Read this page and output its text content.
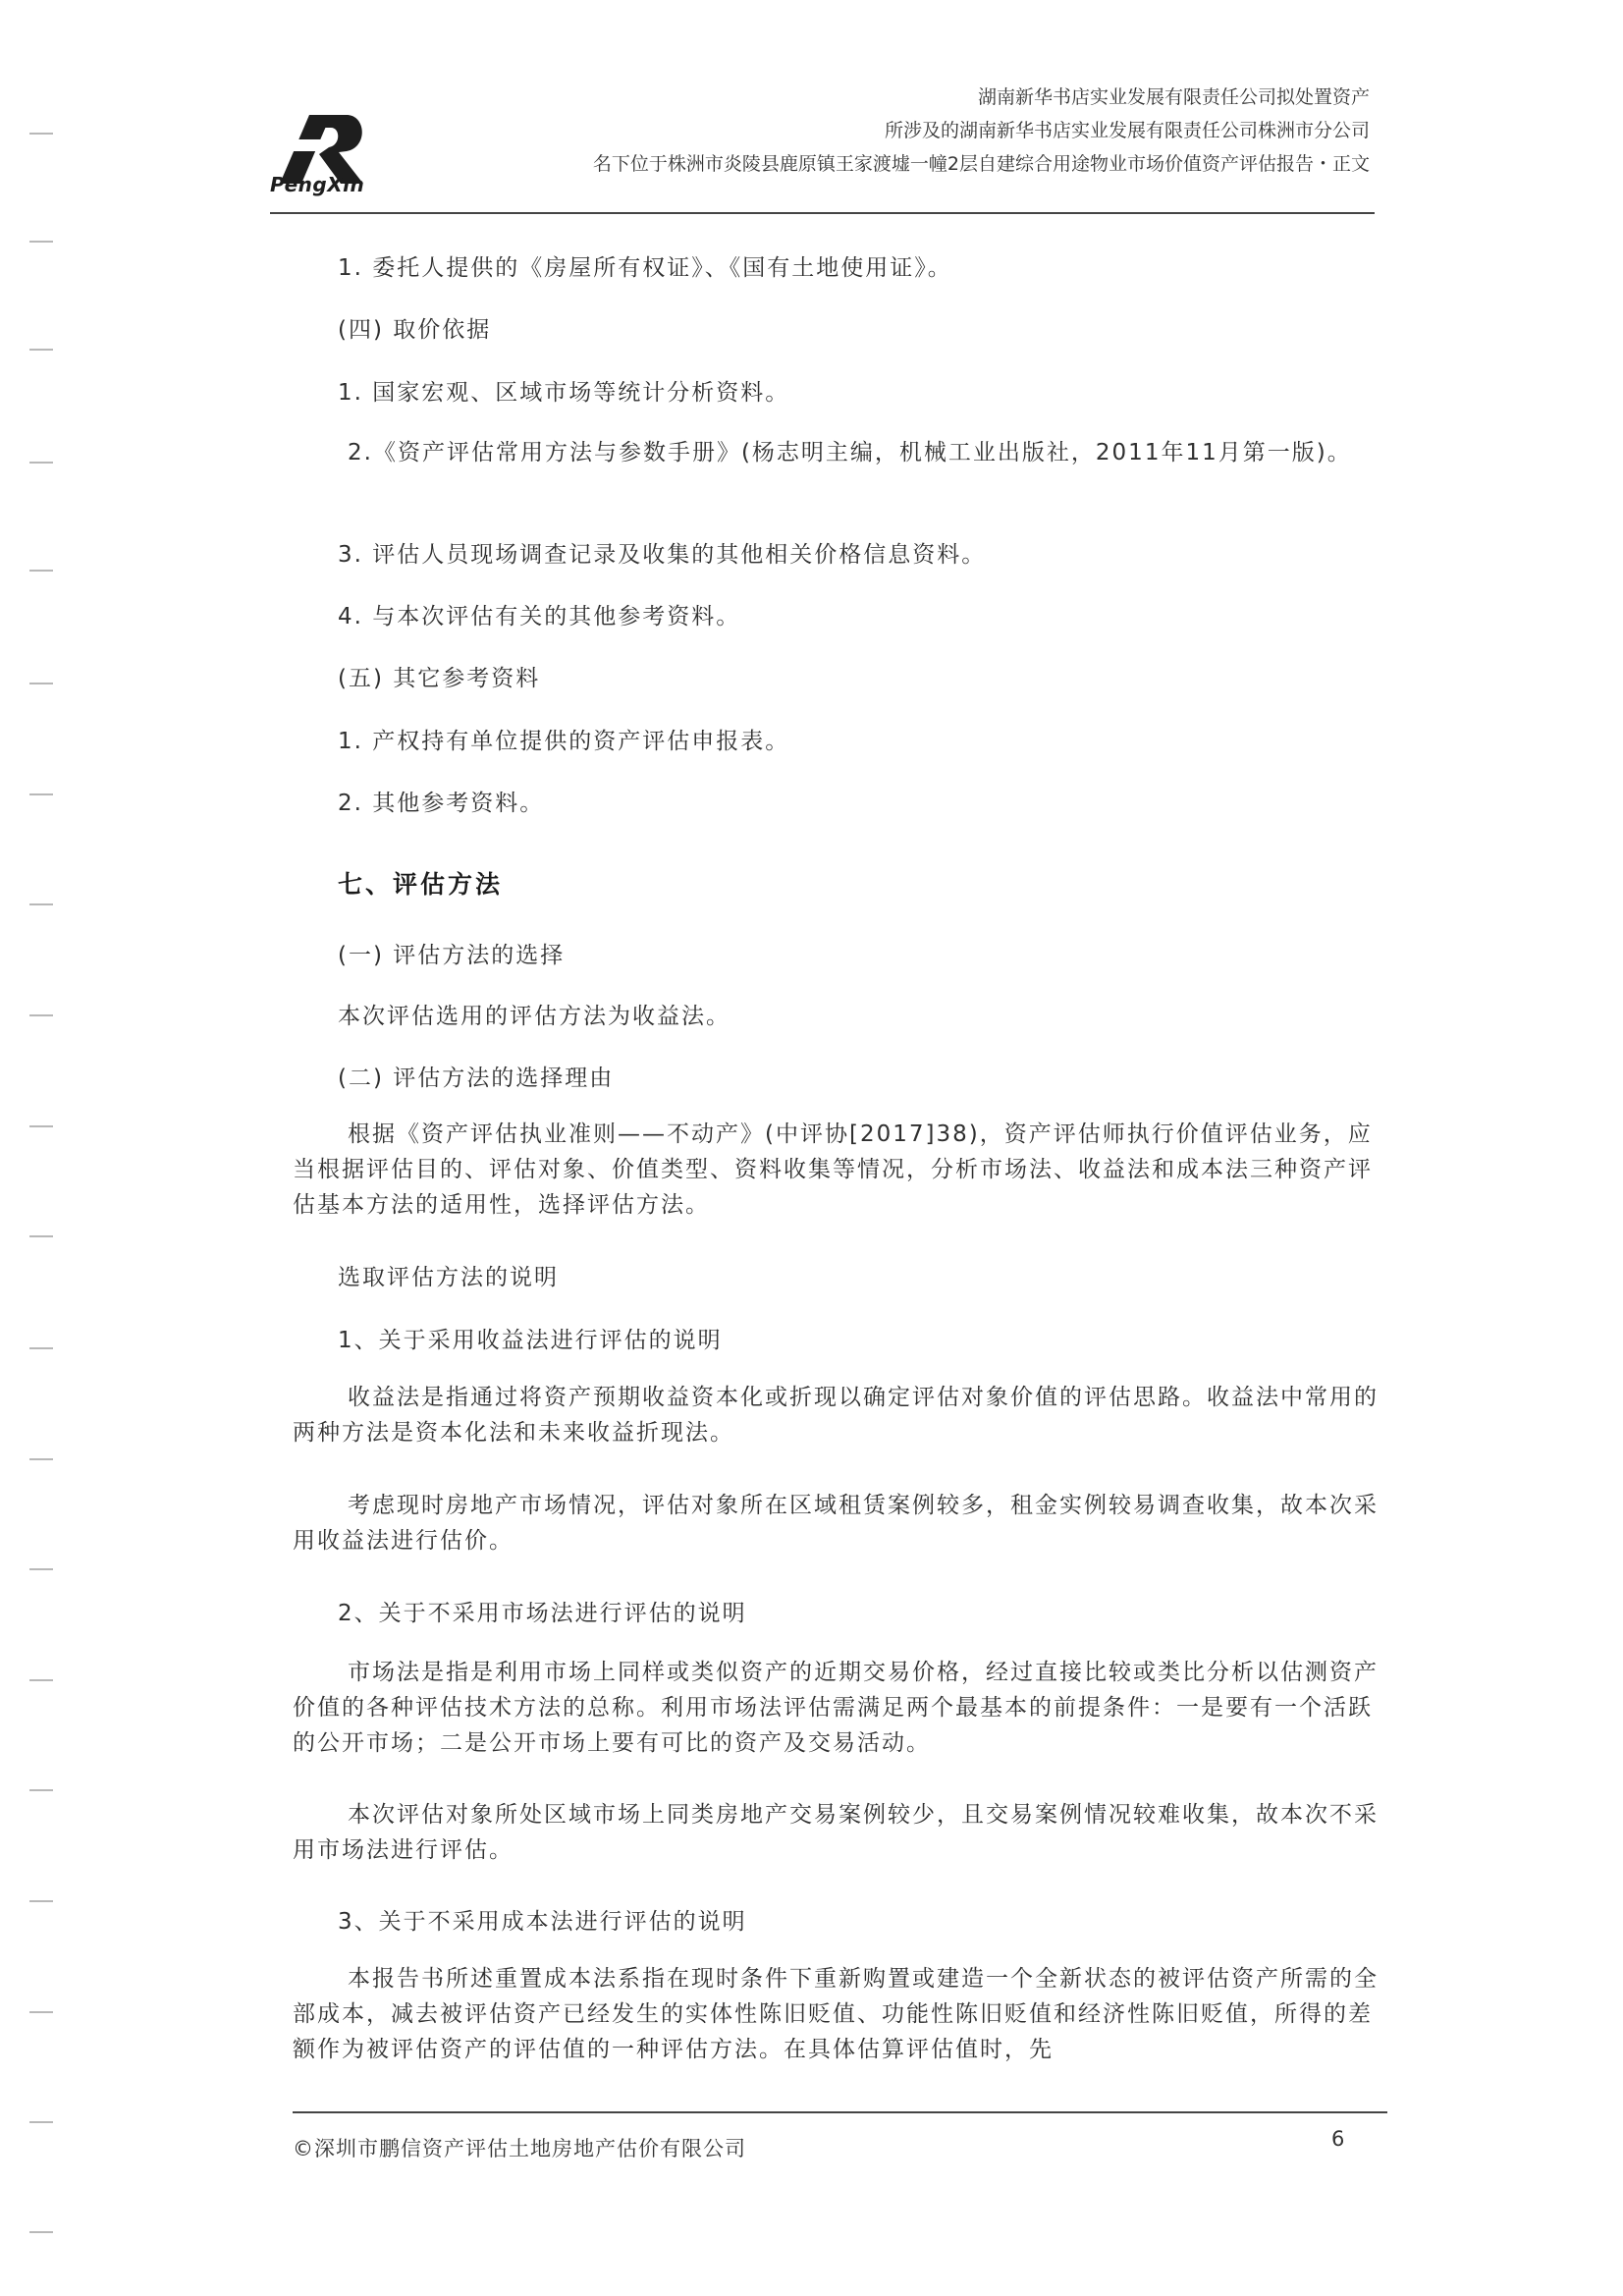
PengXin
湖南新华书店实业发展有限责任公司拟处置资产
所涉及的湖南新华书店实业发展有限责任公司株洲市分公司
名下位于株洲市炎陵县鹿原镇王家渡墟一幢2层自建综合用途物业市场价值资产评估报告・正文

1. 委托人提供的《房屋所有权证》、《国有土地使用证》。

(四) 取价依据

1. 国家宏观、区域市场等统计分析资料。

2.《资产评估常用方法与参数手册》(杨志明主编，机械工业出版社，2011年11月第一版)。

3. 评估人员现场调查记录及收集的其他相关价格信息资料。

4. 与本次评估有关的其他参考资料。

(五) 其它参考资料

1. 产权持有单位提供的资产评估申报表。

2. 其他参考资料。

七、评估方法

(一) 评估方法的选择

本次评估选用的评估方法为收益法。

(二) 评估方法的选择理由

根据《资产评估执业准则——不动产》(中评协[2017]38)，资产评估师执行价值评估业务，应当根据评估目的、评估对象、价值类型、资料收集等情况，分析市场法、收益法和成本法三种资产评估基本方法的适用性，选择评估方法。

选取评估方法的说明

1、关于采用收益法进行评估的说明

收益法是指通过将资产预期收益资本化或折现以确定评估对象价值的评估思路。收益法中常用的两种方法是资本化法和未来收益折现法。

考虑现时房地产市场情况，评估对象所在区域租赁案例较多，租金实例较易调查收集，故本次采用收益法进行估价。

2、关于不采用市场法进行评估的说明

市场法是指是利用市场上同样或类似资产的近期交易价格，经过直接比较或类比分析以估测资产价值的各种评估技术方法的总称。利用市场法评估需满足两个最基本的前提条件：一是要有一个活跃的公开市场；二是公开市场上要有可比的资产及交易活动。

本次评估对象所处区域市场上同类房地产交易案例较少，且交易案例情况较难收集，故本次不采用市场法进行评估。

3、关于不采用成本法进行评估的说明

本报告书所述重置成本法系指在现时条件下重新购置或建造一个全新状态的被评估资产所需的全部成本，减去被评估资产已经发生的实体性陈旧贬值、功能性陈旧贬值和经济性陈旧贬值，所得的差额作为被评估资产的评估值的一种评估方法。在具体估算评估值时，先

©深圳市鹏信资产评估土地房地产估价有限公司	6
